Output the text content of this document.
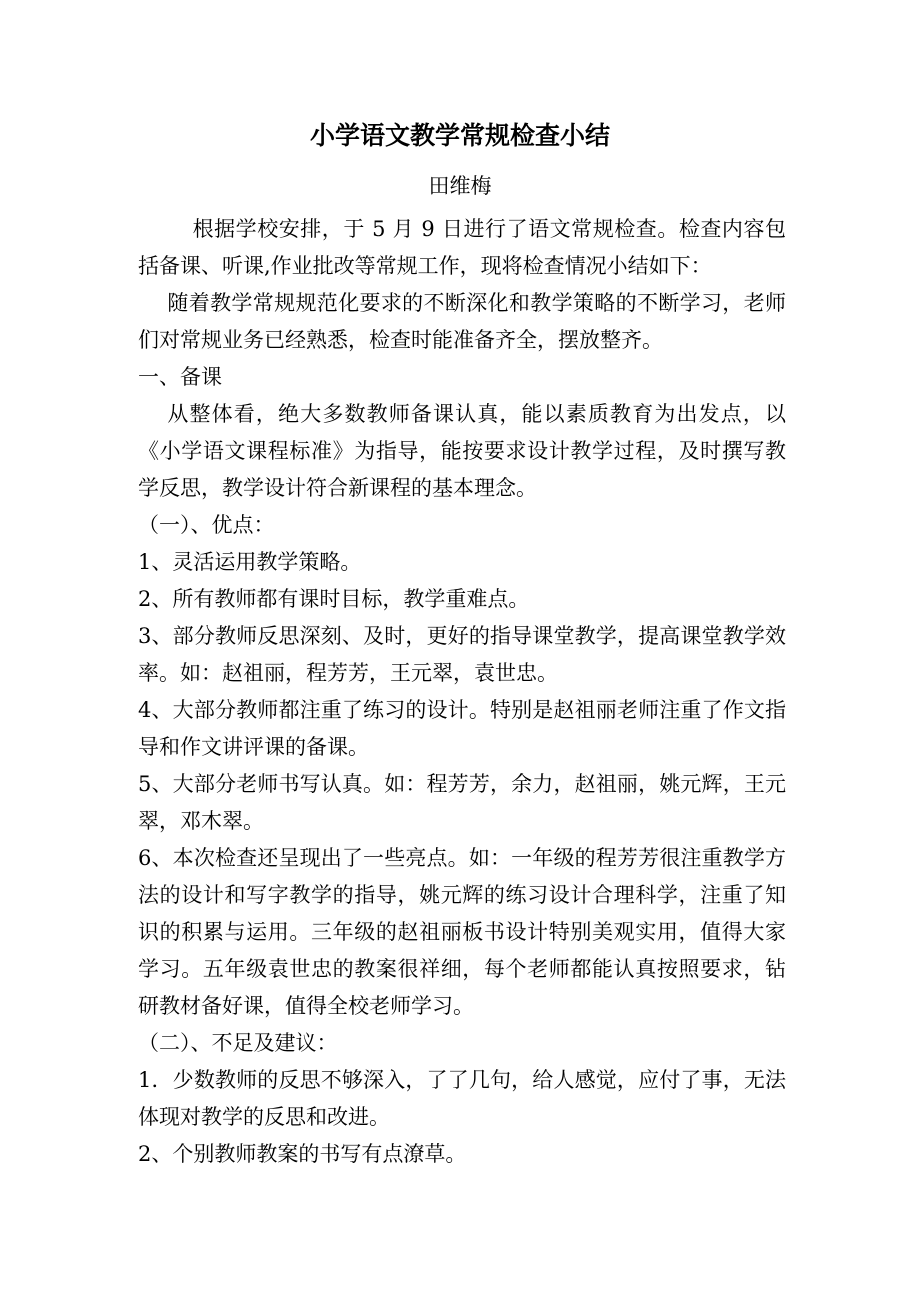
小学语文教学常规检查小结
田维梅

根据学校安排，于 5 月 9 日进行了语文常规检查。检查内容包括备课、听课,作业批改等常规工作，现将检查情况小结如下：

随着教学常规规范化要求的不断深化和教学策略的不断学习，老师们对常规业务已经熟悉，检查时能准备齐全，摆放整齐。

一、备课

从整体看，绝大多数教师备课认真，能以素质教育为出发点，以《小学语文课程标准》为指导，能按要求设计教学过程，及时撰写教学反思，教学设计符合新课程的基本理念。

（一）、优点：

1、灵活运用教学策略。

2、所有教师都有课时目标，教学重难点。

3、部分教师反思深刻、及时，更好的指导课堂教学，提高课堂教学效率。如：赵祖丽，程芳芳，王元翠，袁世忠。

4、大部分教师都注重了练习的设计。特别是赵祖丽老师注重了作文指导和作文讲评课的备课。

5、大部分老师书写认真。如：程芳芳，余力，赵祖丽，姚元辉，王元翠，邓木翠。

6、本次检查还呈现出了一些亮点。如：一年级的程芳芳很注重教学方法的设计和写字教学的指导，姚元辉的练习设计合理科学，注重了知识的积累与运用。三年级的赵祖丽板书设计特别美观实用，值得大家学习。五年级袁世忠的教案很祥细，每个老师都能认真按照要求，钻研教材备好课，值得全校老师学习。

（二）、不足及建议：

1．少数教师的反思不够深入，了了几句，给人感觉，应付了事，无法体现对教学的反思和改进。

2、个别教师教案的书写有点潦草。
